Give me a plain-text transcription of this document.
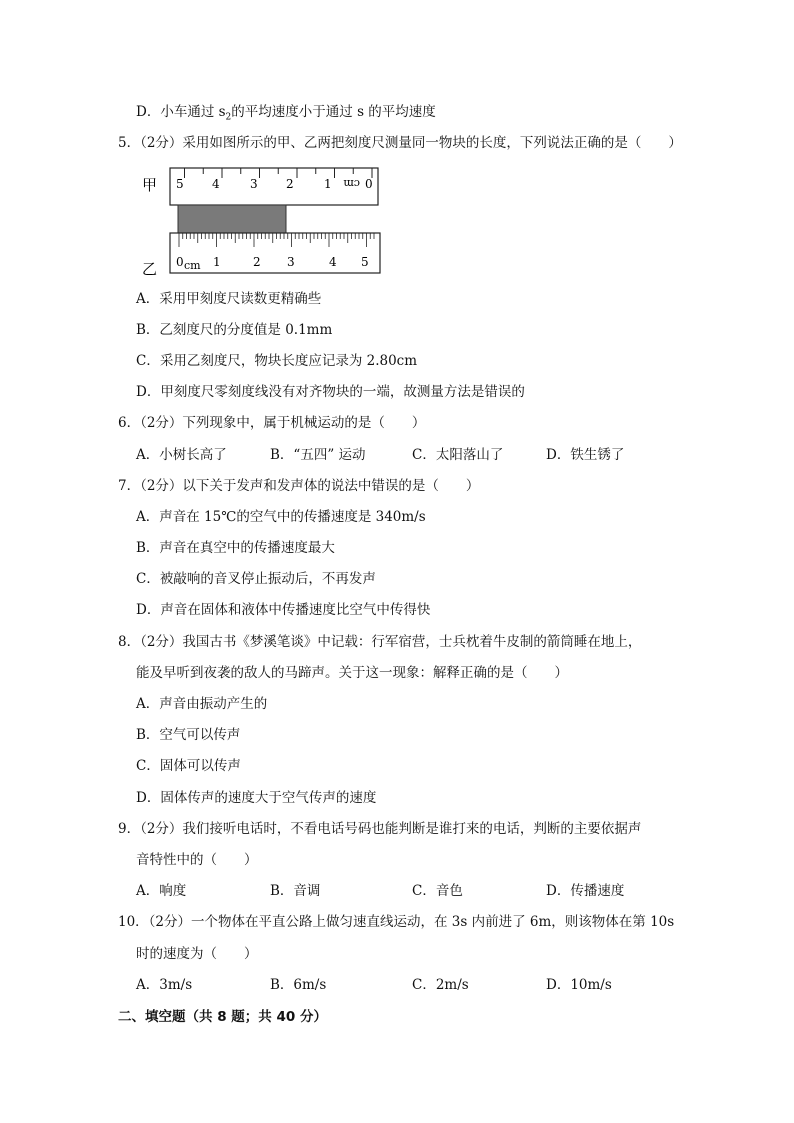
D．小车通过 $s_2$的平均速度小于通过 s 的平均速度
5．（2分）采用如图所示的甲、乙两把刻度尺测量同一物块的长度，下列说法正确的是（　　）
甲 5 4	3 2	1	0
cm
0 cm 1	2 3	4 5
乙
A．采用甲刻度尺读数更精确些
B．乙刻度尺的分度值是 0.1mm
C．采用乙刻度尺，物块长度应记录为 2.80cm
D．甲刻度尺零刻度线没有对齐物块的一端，故测量方法是错误的
6．（2分）下列现象中，属于机械运动的是（　　）
A．小树长高了	B．“五四” 运动	C．太阳落山了	D．铁生锈了
7．（2分）以下关于发声和发声体的说法中错误的是（　　）
A．声音在 15℃的空气中的传播速度是 340m/s
B．声音在真空中的传播速度最大
C．被敲响的音叉停止振动后，不再发声
D．声音在固体和液体中传播速度比空气中传得快
8．（2分）我国古书《梦溪笔谈》中记载：行军宿营，士兵枕着牛皮制的箭筒睡在地上，
能及早听到夜袭的敌人的马蹄声。关于这一现象：解释正确的是（　　）
A．声音由振动产生的
B．空气可以传声
C．固体可以传声
D．固体传声的速度大于空气传声的速度
9．（2分）我们接听电话时，不看电话号码也能判断是谁打来的电话，判断的主要依据声
音特性中的（　　）
A．响度	B．音调	C．音色	D．传播速度
10．（2分）一个物体在平直公路上做匀速直线运动，在 3s 内前进了 6m，则该物体在第 10s
时的速度为（　　）
A．3m/s	B．6m/s	C．2m/s	D．10m/s
二、填空题（共 8 题；共 40 分）
